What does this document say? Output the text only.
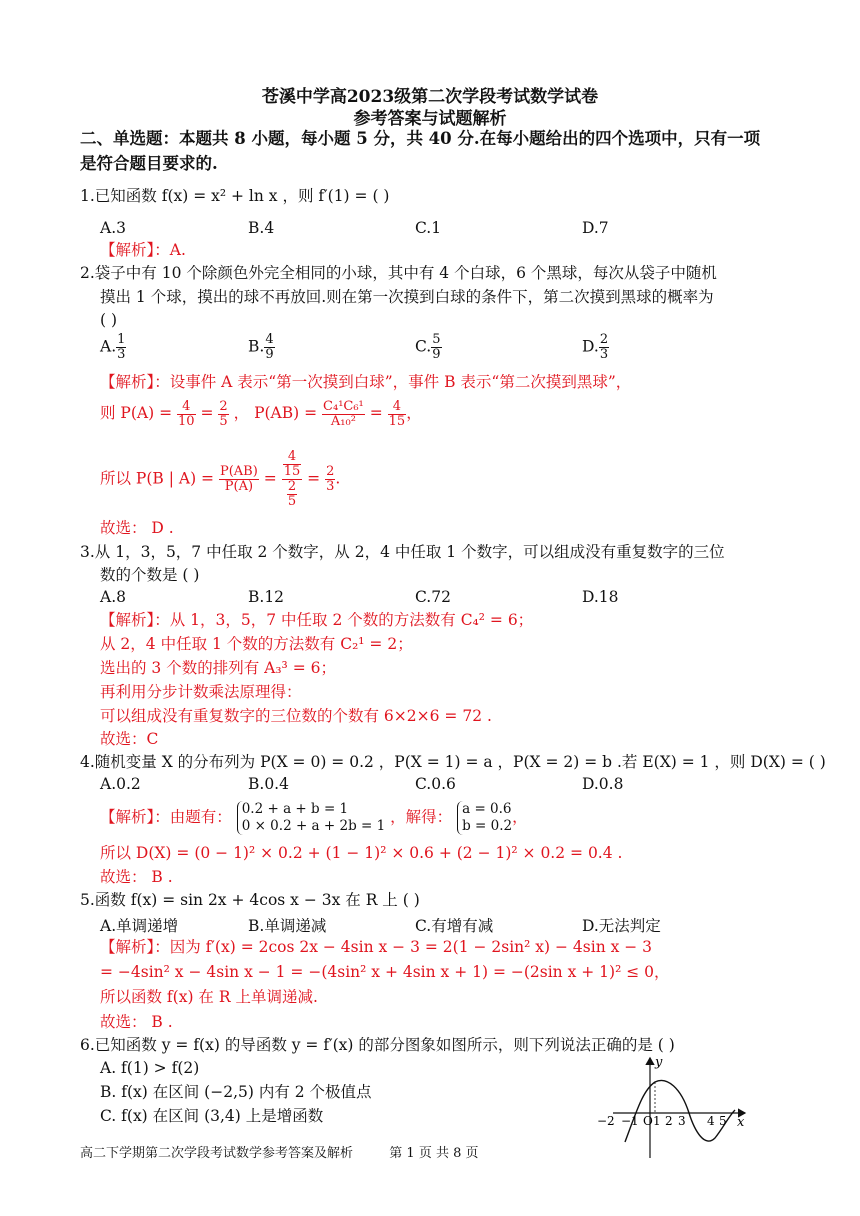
苍溪中学高2023级第二次学段考试数学试卷
参考答案与试题解析
二、单选题：本题共 8 小题，每小题 5 分，共 40 分.在每小题给出的四个选项中，只有一项
是符合题目要求的.
1.已知函数 f(x) = x² + ln x ，则 f′(1) = ( )
A.3	B.4	C.1	D.7
【解析】：A.
2.袋子中有 10 个除颜色外完全相同的小球，其中有 4 个白球，6 个黑球，每次从袋子中随机
摸出 1 个球，摸出的球不再放回.则在第一次摸到白球的条件下，第二次摸到黑球的概率为
( )
A. $\frac{1}{3}$	B. $\frac{4}{9}$	C. $\frac{5}{9}$	D. $\frac{2}{3}$
【解析】：设事件 A 表示“第一次摸到白球”，事件 B 表示“第二次摸到黑球”，
则 $P(A) = \frac{4}{10} = \frac{2}{5}$ ， $P(AB) = \frac{\text{C₄¹C₆¹}}{\text{A₁₀²}} = \frac{4}{15}$ ，
所以 P(B | $A) = \frac{P(AB)}{P(A)} = \frac{\frac{4}{15}}{\frac{2}{5}} = \frac{2}{3}$ .
故选： D .
3.从 1，3，5，7 中任取 2 个数字，从 2，4 中任取 1 个数字，可以组成没有重复数字的三位
数的个数是 ( )
A.8	B.12	C.72	D.18
【解析】：从 1，3，5，7 中任取 2 个数的方法数有 C₄² = 6；
从 2，4 中任取 1 个数的方法数有 C₂¹ = 2；
选出的 3 个数的排列有 A₃³ = 6；
再利用分步计数乘法原理得：
可以组成没有重复数字的三位数的个数有 6×2×6 = 72 .
故选：C
4.随机变量 X 的分布列为 P(X = 0) = 0.2 ，P(X = 1) = a ，P(X = 2) = b .若 E(X) = 1 ，则 D(X) = ( )
A.0.2	B.0.4	C.0.6	D.0.8
【解析】：由题有： 0.2 + a + b = 1
0 × 0.2 + a + 2b = 1 ，解得： a = 0.6
b = 0.2 ，
所以 D(X) = (0 − 1)² × 0.2 + (1 − 1)² × 0.6 + (2 − 1)² × 0.2 = 0.4 .
故选： B .
5.函数 f(x) = sin 2x + 4cos x − 3x 在 R 上 ( )
A.单调递增	B.单调递减	C.有增有减	D.无法判定
【解析】：因为 f′(x) = 2cos 2x − 4sin x − 3 = 2(1 − 2sin² x) − 4sin x − 3
= −4sin² x − 4sin x − 1 = −(4sin² x + 4sin x + 1) = −(2sin x + 1)² ≤ 0，
所以函数 f(x) 在 R 上单调递减.
故选： B .
6.已知函数 y = f(x) 的导函数 y = f′(x) 的部分图象如图所示，则下列说法正确的是 ( )
A. f(1) > f(2)
B. f(x) 在区间 (−2,5) 内有 2 个极值点
C. f(x) 在区间 (3,4) 上是增函数
y
x
O
−2 −1 1 2 3 4 5
高二下学期第二次学段考试数学参考答案及解析	第 1 页 共 8 页
